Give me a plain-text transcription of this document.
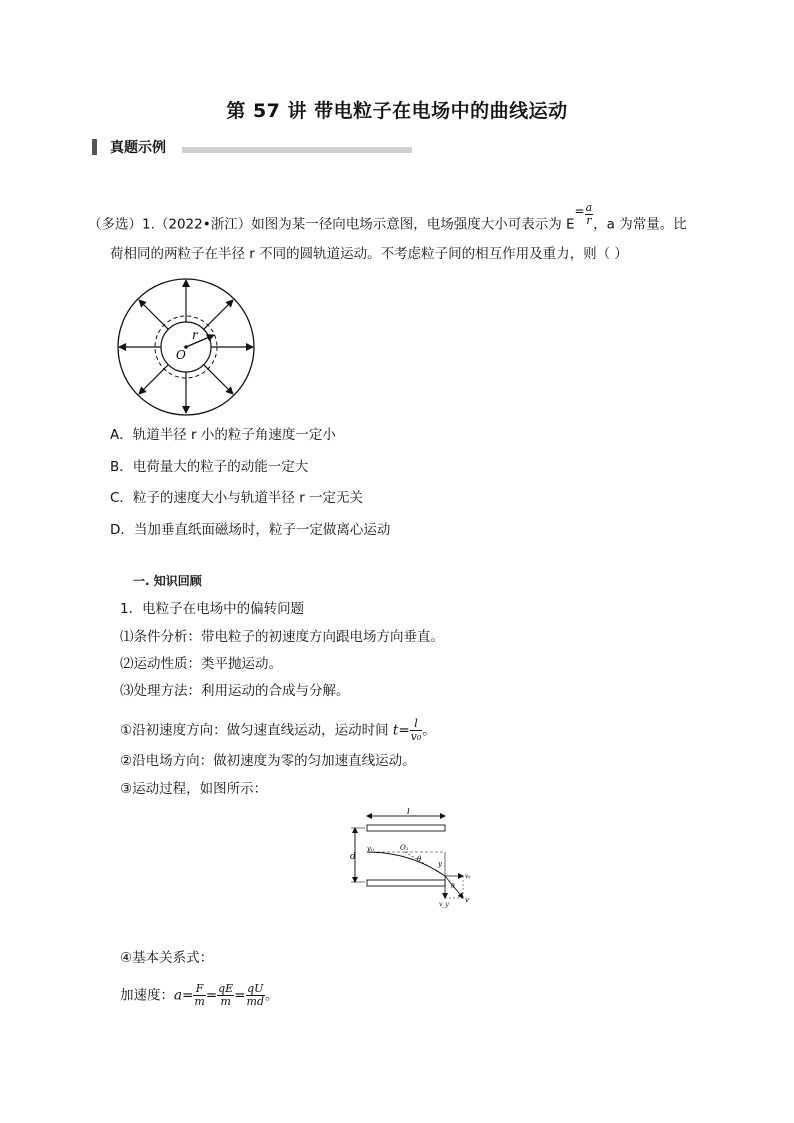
第 57 讲 带电粒子在电场中的曲线运动
真题示例
（多选）1.（2022•浙江）如图为某一径向电场示意图，电场强度大小可表示为 $E= \frac{a}{r}$ ，a 为常量。比
荷相同的两粒子在半径 r 不同的圆轨道运动。不考虑粒子间的相互作用及重力，则（ ）
r
O
A．轨道半径 r 小的粒子角速度一定小
B．电荷量大的粒子的动能一定大
C．粒子的速度大小与轨道半径 r 一定无关
D．当加垂直纸面磁场时，粒子一定做离心运动
一. 知识回顾
1．电粒子在电场中的偏转问题
⑴条件分析：带电粒子的初速度方向跟电场方向垂直。
⑵运动性质：类平抛运动。
⑶处理方法：利用运动的合成与分解。
①沿初速度方向：做匀速直线运动，运动时间 $t= \frac{l}{\text{v₀}}$ 。
②沿电场方向：做初速度为零的匀加速直线运动。
③运动过程，如图所示：
l
d
v₀	O₁
θ
y
θ
vₓ
v_y
v
④基本关系式：
加速度：$a= \frac{F}{m} = \frac{qE}{m} = \frac{qU}{md}$ 。
